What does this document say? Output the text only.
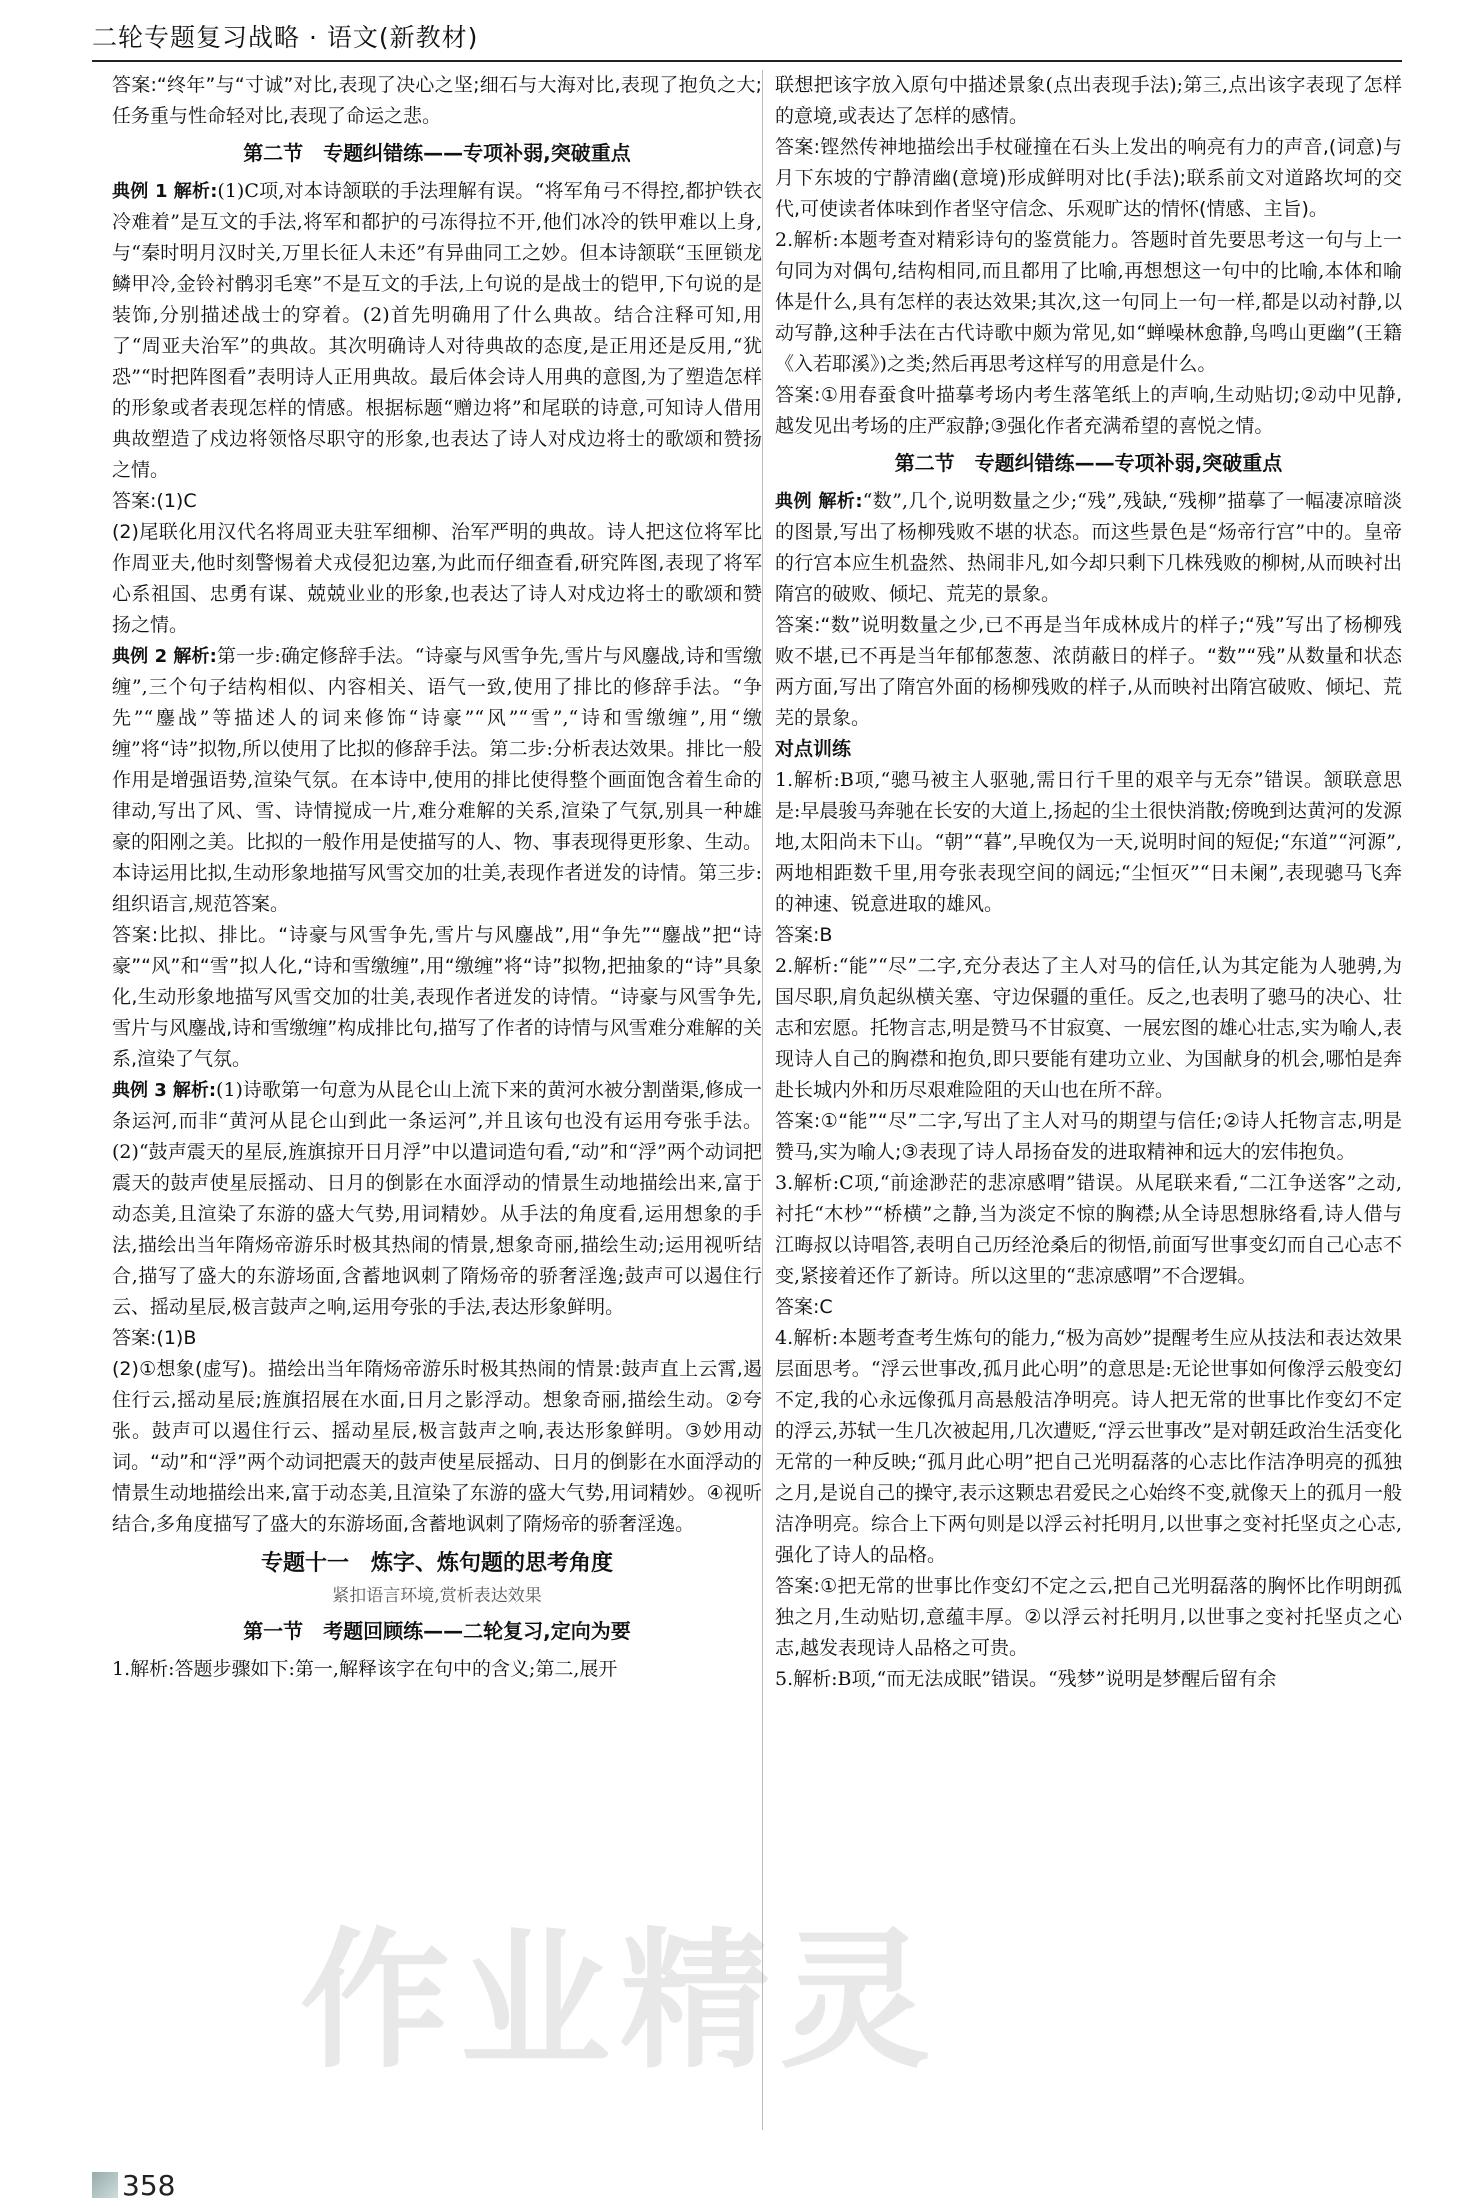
二轮专题复习战略 · 语文(新教材)

答案:“终年”与“寸诚”对比,表现了决心之坚;细石与大海对比,表现了抱负之大;任务重与性命轻对比,表现了命运之悲。

第二节　专题纠错练——专项补弱,突破重点

典例 1 解析:(1)C项,对本诗颔联的手法理解有误。“将军角弓不得控,都护铁衣冷难着”是互文的手法,将军和都护的弓冻得拉不开,他们冰冷的铁甲难以上身,与“秦时明月汉时关,万里长征人未还”有异曲同工之妙。但本诗颔联“玉匣锁龙鳞甲冷,金铃衬鹘羽毛寒”不是互文的手法,上句说的是战士的铠甲,下句说的是装饰,分别描述战士的穿着。(2)首先明确用了什么典故。结合注释可知,用了“周亚夫治军”的典故。其次明确诗人对待典故的态度,是正用还是反用,“犹恐”“时把阵图看”表明诗人正用典故。最后体会诗人用典的意图,为了塑造怎样的形象或者表现怎样的情感。根据标题“赠边将”和尾联的诗意,可知诗人借用典故塑造了戍边将领恪尽职守的形象,也表达了诗人对戍边将士的歌颂和赞扬之情。

答案:(1)C

(2)尾联化用汉代名将周亚夫驻军细柳、治军严明的典故。诗人把这位将军比作周亚夫,他时刻警惕着犬戎侵犯边塞,为此而仔细查看,研究阵图,表现了将军心系祖国、忠勇有谋、兢兢业业的形象,也表达了诗人对戍边将士的歌颂和赞扬之情。

典例 2 解析:第一步:确定修辞手法。“诗豪与风雪争先,雪片与风鏖战,诗和雪缴缠”,三个句子结构相似、内容相关、语气一致,使用了排比的修辞手法。“争先”“鏖战”等描述人的词来修饰“诗豪”“风”“雪”,“诗和雪缴缠”,用“缴缠”将“诗”拟物,所以使用了比拟的修辞手法。第二步:分析表达效果。排比一般作用是增强语势,渲染气氛。在本诗中,使用的排比使得整个画面饱含着生命的律动,写出了风、雪、诗情搅成一片,难分难解的关系,渲染了气氛,别具一种雄豪的阳刚之美。比拟的一般作用是使描写的人、物、事表现得更形象、生动。本诗运用比拟,生动形象地描写风雪交加的壮美,表现作者迸发的诗情。第三步:组织语言,规范答案。

答案:比拟、排比。“诗豪与风雪争先,雪片与风鏖战”,用“争先”“鏖战”把“诗豪”“风”和“雪”拟人化,“诗和雪缴缠”,用“缴缠”将“诗”拟物,把抽象的“诗”具象化,生动形象地描写风雪交加的壮美,表现作者迸发的诗情。“诗豪与风雪争先,雪片与风鏖战,诗和雪缴缠”构成排比句,描写了作者的诗情与风雪难分难解的关系,渲染了气氛。

典例 3 解析:(1)诗歌第一句意为从昆仑山上流下来的黄河水被分割凿渠,修成一条运河,而非“黄河从昆仑山到此一条运河”,并且该句也没有运用夸张手法。(2)“鼓声震天的星辰,旌旗掠开日月浮”中以遣词造句看,“动”和“浮”两个动词把震天的鼓声使星辰摇动、日月的倒影在水面浮动的情景生动地描绘出来,富于动态美,且渲染了东游的盛大气势,用词精妙。从手法的角度看,运用想象的手法,描绘出当年隋炀帝游乐时极其热闹的情景,想象奇丽,描绘生动;运用视听结合,描写了盛大的东游场面,含蓄地讽刺了隋炀帝的骄奢淫逸;鼓声可以遏住行云、摇动星辰,极言鼓声之响,运用夸张的手法,表达形象鲜明。

答案:(1)B

(2)①想象(虚写)。描绘出当年隋炀帝游乐时极其热闹的情景:鼓声直上云霄,遏住行云,摇动星辰;旌旗招展在水面,日月之影浮动。想象奇丽,描绘生动。②夸张。鼓声可以遏住行云、摇动星辰,极言鼓声之响,表达形象鲜明。③妙用动词。“动”和“浮”两个动词把震天的鼓声使星辰摇动、日月的倒影在水面浮动的情景生动地描绘出来,富于动态美,且渲染了东游的盛大气势,用词精妙。④视听结合,多角度描写了盛大的东游场面,含蓄地讽刺了隋炀帝的骄奢淫逸。

专题十一　炼字、炼句题的思考角度
紧扣语言环境,赏析表达效果
第一节　考题回顾练——二轮复习,定向为要

1.解析:答题步骤如下:第一,解释该字在句中的含义;第二,展开

联想把该字放入原句中描述景象(点出表现手法);第三,点出该字表现了怎样的意境,或表达了怎样的感情。

答案:铿然传神地描绘出手杖碰撞在石头上发出的响亮有力的声音,(词意)与月下东坡的宁静清幽(意境)形成鲜明对比(手法);联系前文对道路坎坷的交代,可使读者体味到作者坚守信念、乐观旷达的情怀(情感、主旨)。

2.解析:本题考查对精彩诗句的鉴赏能力。答题时首先要思考这一句与上一句同为对偶句,结构相同,而且都用了比喻,再想想这一句中的比喻,本体和喻体是什么,具有怎样的表达效果;其次,这一句同上一句一样,都是以动衬静,以动写静,这种手法在古代诗歌中颇为常见,如“蝉噪林愈静,鸟鸣山更幽”(王籍《入若耶溪》)之类;然后再思考这样写的用意是什么。

答案:①用春蚕食叶描摹考场内考生落笔纸上的声响,生动贴切;②动中见静,越发见出考场的庄严寂静;③强化作者充满希望的喜悦之情。

第二节　专题纠错练——专项补弱,突破重点

典例 解析:“数”,几个,说明数量之少;“残”,残缺,“残柳”描摹了一幅凄凉暗淡的图景,写出了杨柳残败不堪的状态。而这些景色是“炀帝行宫”中的。皇帝的行宫本应生机盎然、热闹非凡,如今却只剩下几株残败的柳树,从而映衬出隋宫的破败、倾圮、荒芜的景象。

答案:“数”说明数量之少,已不再是当年成林成片的样子;“残”写出了杨柳残败不堪,已不再是当年郁郁葱葱、浓荫蔽日的样子。“数”“残”从数量和状态两方面,写出了隋宫外面的杨柳残败的样子,从而映衬出隋宫破败、倾圮、荒芜的景象。

对点训练

1.解析:B项,“骢马被主人驱驰,需日行千里的艰辛与无奈”错误。颔联意思是:早晨骏马奔驰在长安的大道上,扬起的尘土很快消散;傍晚到达黄河的发源地,太阳尚未下山。“朝”“暮”,早晚仅为一天,说明时间的短促;“东道”“河源”,两地相距数千里,用夸张表现空间的阔远;“尘恒灭”“日未阑”,表现骢马飞奔的神速、锐意进取的雄风。

答案:B

2.解析:“能”“尽”二字,充分表达了主人对马的信任,认为其定能为人驰骋,为国尽职,肩负起纵横关塞、守边保疆的重任。反之,也表明了骢马的决心、壮志和宏愿。托物言志,明是赞马不甘寂寞、一展宏图的雄心壮志,实为喻人,表现诗人自己的胸襟和抱负,即只要能有建功立业、为国献身的机会,哪怕是奔赴长城内外和历尽艰难险阻的天山也在所不辞。

答案:①“能”“尽”二字,写出了主人对马的期望与信任;②诗人托物言志,明是赞马,实为喻人;③表现了诗人昂扬奋发的进取精神和远大的宏伟抱负。

3.解析:C项,“前途渺茫的悲凉感喟”错误。从尾联来看,“二江争送客”之动,衬托“木杪”“桥横”之静,当为淡定不惊的胸襟;从全诗思想脉络看,诗人借与江晦叔以诗唱答,表明自己历经沧桑后的彻悟,前面写世事变幻而自己心志不变,紧接着还作了新诗。所以这里的“悲凉感喟”不合逻辑。

答案:C

4.解析:本题考查考生炼句的能力,“极为高妙”提醒考生应从技法和表达效果层面思考。“浮云世事改,孤月此心明”的意思是:无论世事如何像浮云般变幻不定,我的心永远像孤月高悬般洁净明亮。诗人把无常的世事比作变幻不定的浮云,苏轼一生几次被起用,几次遭贬,“浮云世事改”是对朝廷政治生活变化无常的一种反映;“孤月此心明”把自己光明磊落的心志比作洁净明亮的孤独之月,是说自己的操守,表示这颗忠君爱民之心始终不变,就像天上的孤月一般洁净明亮。综合上下两句则是以浮云衬托明月,以世事之变衬托坚贞之心志,强化了诗人的品格。

答案:①把无常的世事比作变幻不定之云,把自己光明磊落的胸怀比作明朗孤独之月,生动贴切,意蕴丰厚。②以浮云衬托明月,以世事之变衬托坚贞之心志,越发表现诗人品格之可贵。

5.解析:B项,“而无法成眠”错误。“残梦”说明是梦醒后留有余

作业精灵
358
